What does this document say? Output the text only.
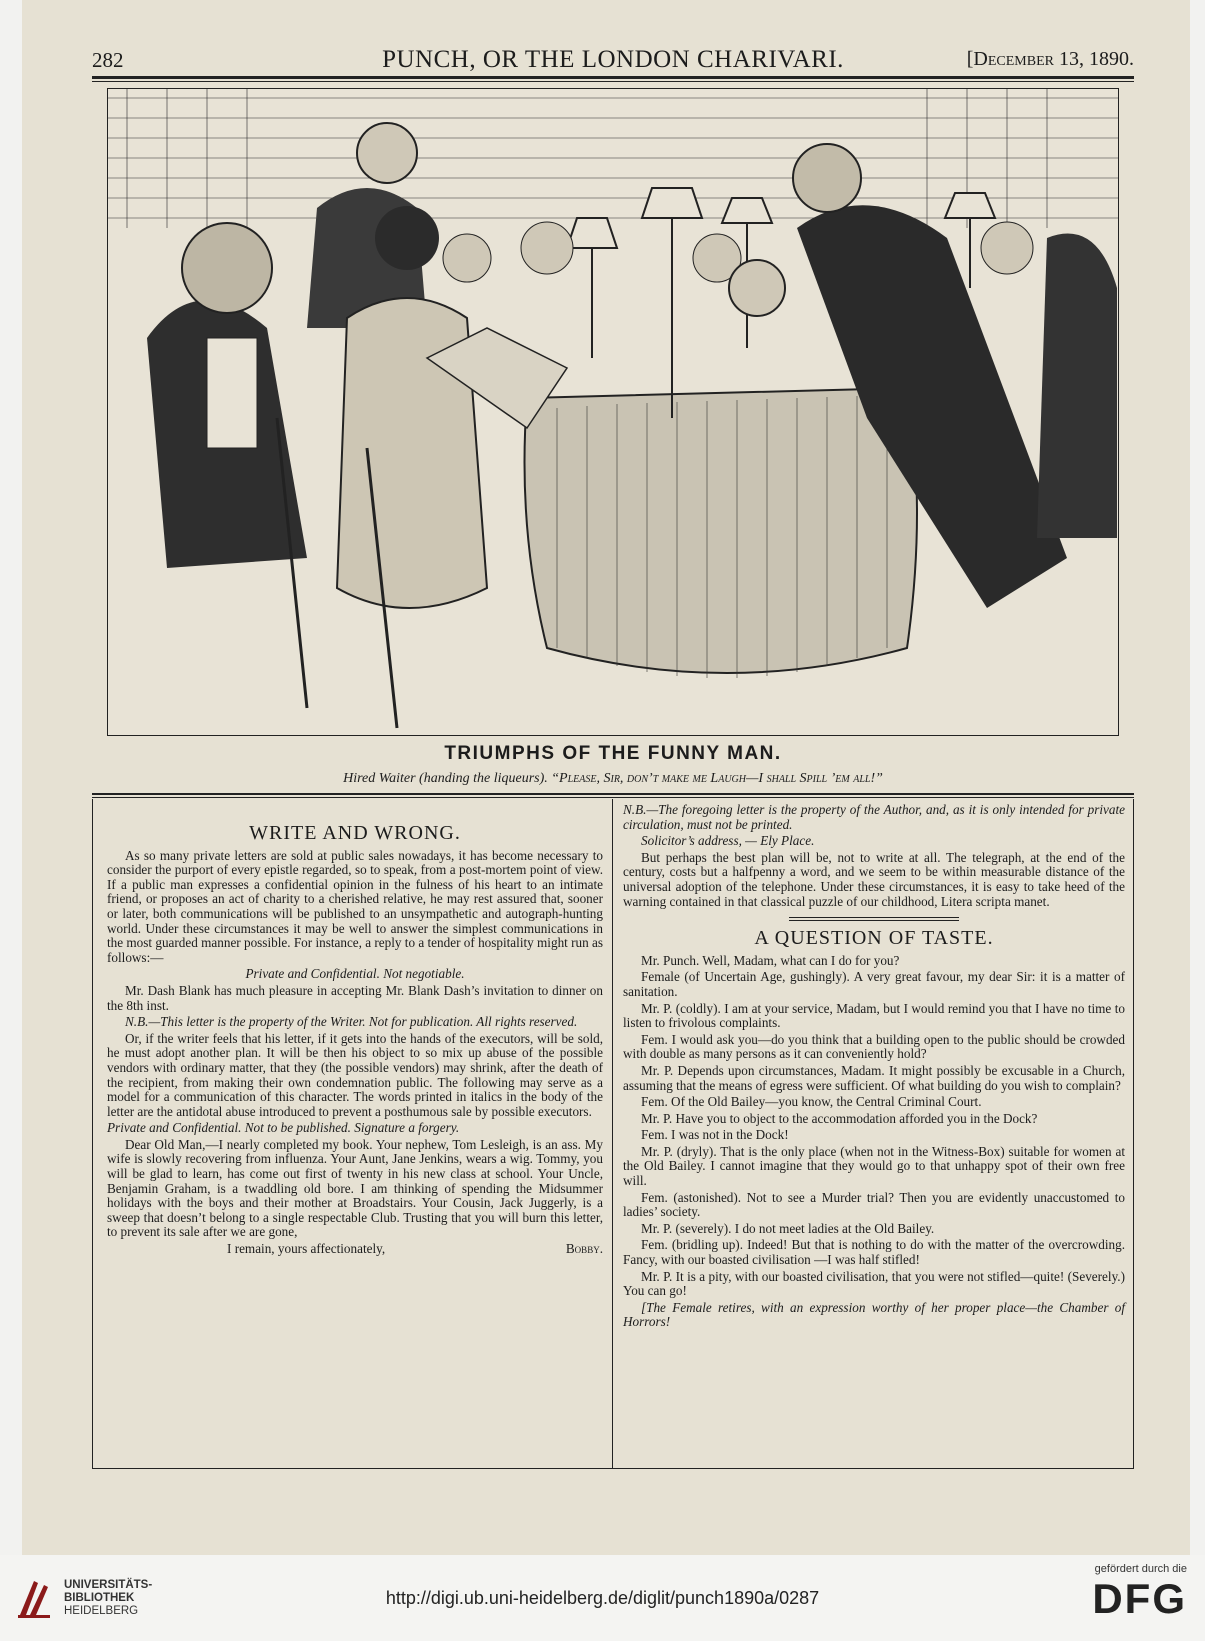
282	PUNCH, OR THE LONDON CHARIVARI.	[December 13, 1890.
TRIUMPHS OF THE FUNNY MAN.
Hired Waiter (handing the liqueurs). “Please, Sir, don’t make me Laugh—I shall Spill ’em all!”
WRITE AND WRONG.

As so many private letters are sold at public sales nowadays, it has become necessary to consider the purport of every epistle regarded, so to speak, from a post-mortem point of view. If a public man expresses a confidential opinion in the fulness of his heart to an intimate friend, or proposes an act of charity to a cherished relative, he may rest assured that, sooner or later, both communications will be published to an unsympathetic and autograph-hunting world. Under these circumstances it may be well to answer the simplest communications in the most guarded manner possible. For instance, a reply to a tender of hospitality might run as follows:—

Private and Confidential. Not negotiable.

Mr. Dash Blank has much pleasure in accepting Mr. Blank Dash’s invitation to dinner on the 8th inst.

N.B.—This letter is the property of the Writer. Not for publication. All rights reserved.

Or, if the writer feels that his letter, if it gets into the hands of the executors, will be sold, he must adopt another plan. It will be then his object to so mix up abuse of the possible vendors with ordinary matter, that they (the possible vendors) may shrink, after the death of the recipient, from making their own condemnation public. The following may serve as a model for a communication of this character. The words printed in italics in the body of the letter are the antidotal abuse introduced to prevent a posthumous sale by possible executors.

Private and Confidential. Not to be published. Signature a forgery.

Dear Old Man,—I nearly completed my book. Your nephew, Tom Lesleigh, is an ass. My wife is slowly recovering from influenza. Your Aunt, Jane Jenkins, wears a wig. Tommy, you will be glad to learn, has come out first of twenty in his new class at school. Your Uncle, Benjamin Graham, is a twaddling old bore. I am thinking of spending the Midsummer holidays with the boys and their mother at Broadstairs. Your Cousin, Jack Juggerly, is a sweep that doesn’t belong to a single respectable Club. Trusting that you will burn this letter, to prevent its sale after we are gone,

I remain, yours affectionately,	Bobby.

N.B.—The foregoing letter is the property of the Author, and, as it is only intended for private circulation, must not be printed.

Solicitor’s address, — Ely Place.

But perhaps the best plan will be, not to write at all. The telegraph, at the end of the century, costs but a halfpenny a word, and we seem to be within measurable distance of the universal adoption of the telephone. Under these circumstances, it is easy to take heed of the warning contained in that classical puzzle of our childhood, Litera scripta manet.

A QUESTION OF TASTE.

Mr. Punch. Well, Madam, what can I do for you?

Female (of Uncertain Age, gushingly). A very great favour, my dear Sir: it is a matter of sanitation.

Mr. P. (coldly). I am at your service, Madam, but I would remind you that I have no time to listen to frivolous complaints.

Fem. I would ask you—do you think that a building open to the public should be crowded with double as many persons as it can conveniently hold?

Mr. P. Depends upon circumstances, Madam. It might possibly be excusable in a Church, assuming that the means of egress were sufficient. Of what building do you wish to complain?

Fem. Of the Old Bailey—you know, the Central Criminal Court.

Mr. P. Have you to object to the accommodation afforded you in the Dock?

Fem. I was not in the Dock!

Mr. P. (dryly). That is the only place (when not in the Witness-Box) suitable for women at the Old Bailey. I cannot imagine that they would go to that unhappy spot of their own free will.

Fem. (astonished). Not to see a Murder trial? Then you are evidently unaccustomed to ladies’ society.

Mr. P. (severely). I do not meet ladies at the Old Bailey.

Fem. (bridling up). Indeed! But that is nothing to do with the matter of the overcrowding. Fancy, with our boasted civilisation —I was half stifled!

Mr. P. It is a pity, with our boasted civilisation, that you were not stifled—quite! (Severely.) You can go!

[The Female retires, with an expression worthy of her proper place—the Chamber of Horrors!

UNIVERSITÄTS-
BIBLIOTHEK
HEIDELBERG
http://digi.ub.uni-heidelberg.de/diglit/punch1890a/0287
gefördert durch die
DFG
